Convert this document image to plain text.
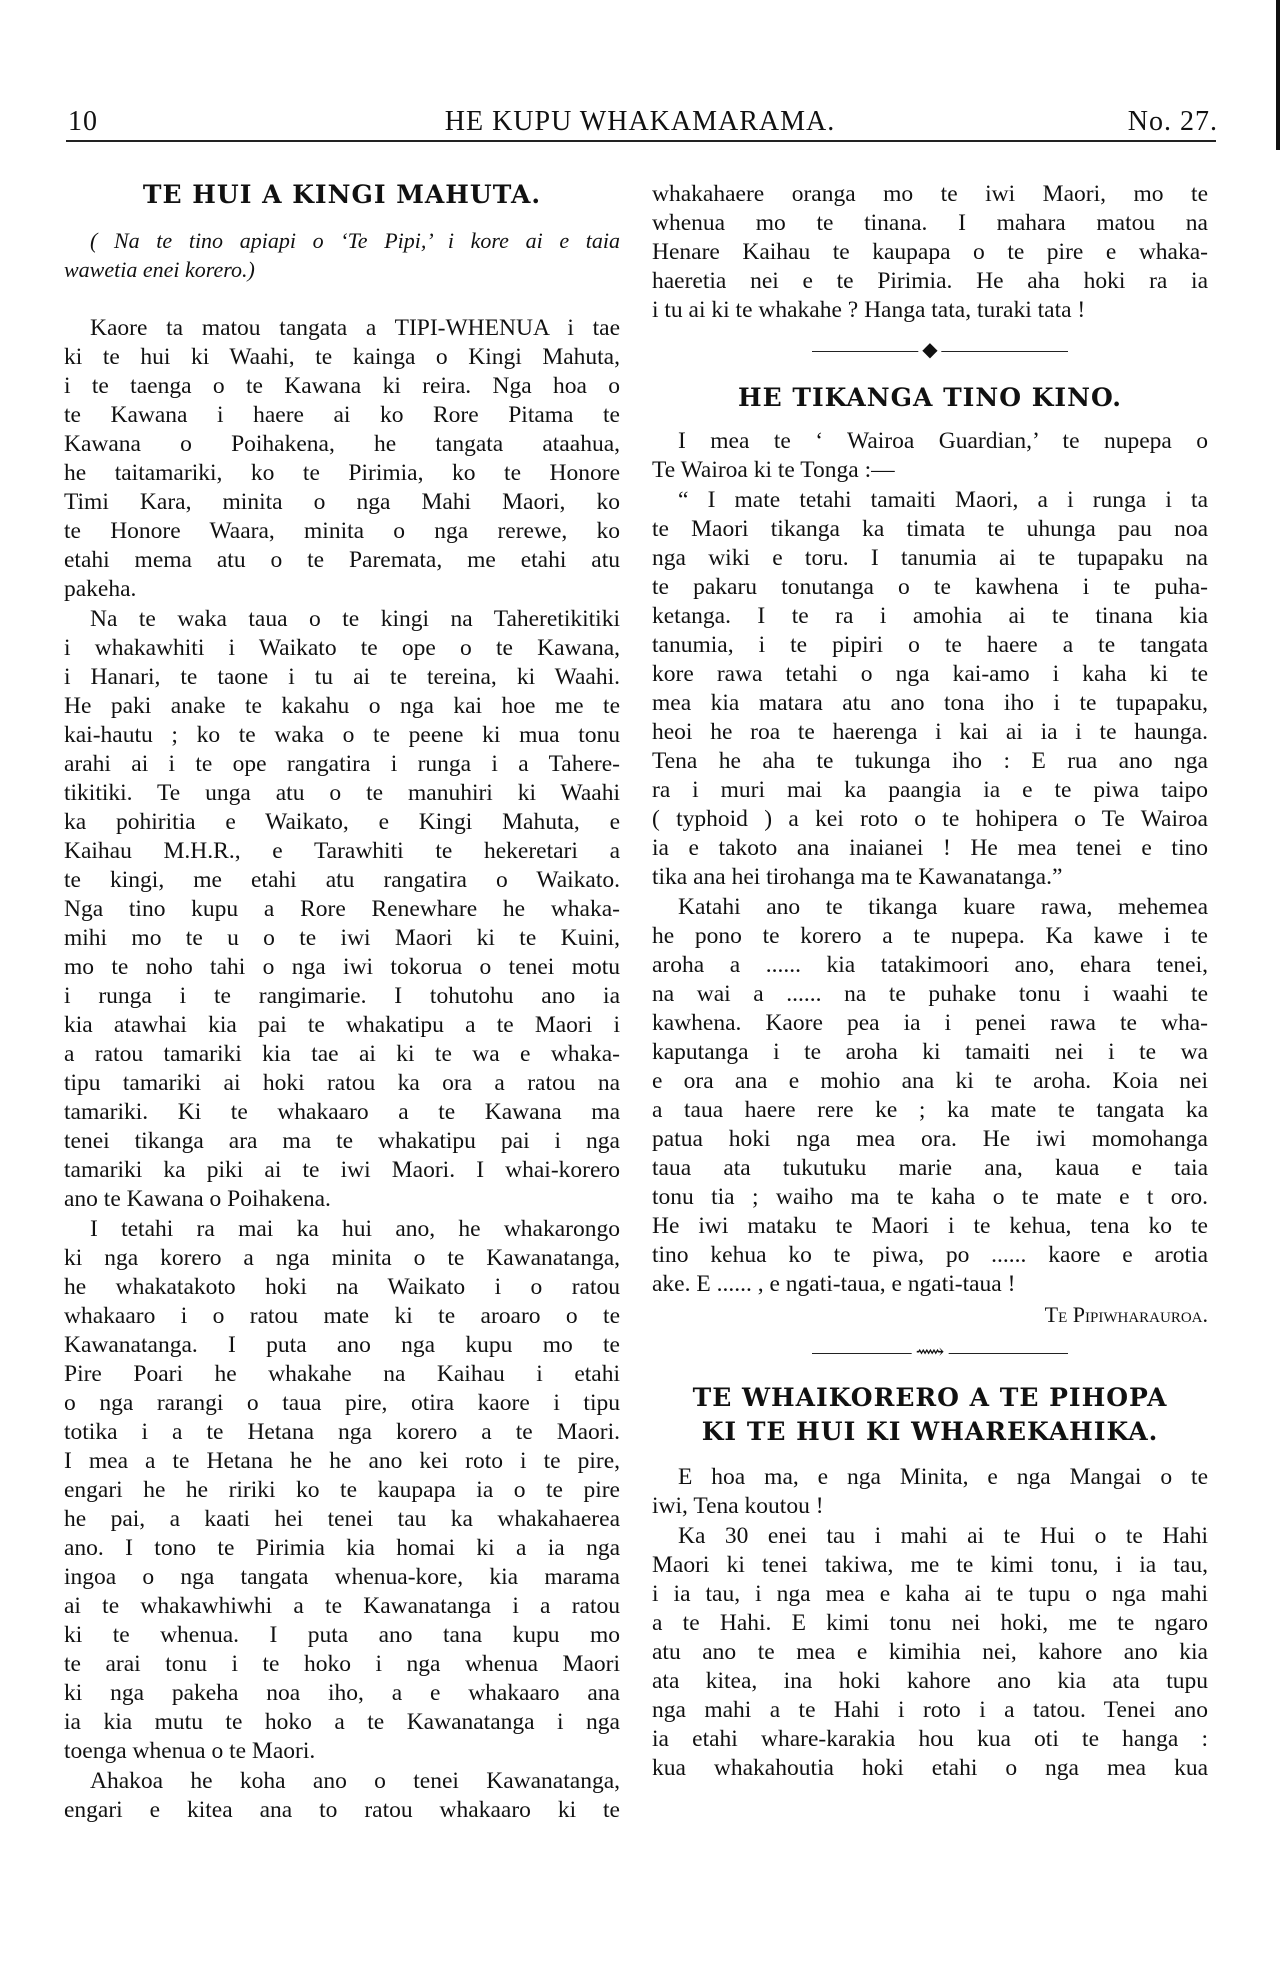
10	HE KUPU WHAKAMARAMA.	No. 27.
TE HUI A KINGI MAHUTA.
( Na te tino apiapi o ‘Te Pipi,’ i kore ai e taia
wawetia enei korero.)
Kaore ta matou tangata a TIPI-WHENUA i tae
ki te hui ki Waahi, te kainga o Kingi Mahuta,
i te taenga o te Kawana ki reira. Nga hoa o
te Kawana i haere ai ko Rore Pitama te
Kawana o Poihakena, he tangata ataahua,
he taitamariki, ko te Pirimia, ko te Honore
Timi Kara, minita o nga Mahi Maori, ko
te Honore Waara, minita o nga rerewe, ko
etahi mema atu o te Paremata, me etahi atu
pakeha.
Na te waka taua o te kingi na Taheretikitiki
i whakawhiti i Waikato te ope o te Kawana,
i Hanari, te taone i tu ai te tereina, ki Waahi.
He paki anake te kakahu o nga kai hoe me te
kai-hautu ; ko te waka o te peene ki mua tonu
arahi ai i te ope rangatira i runga i a Tahere-
tikitiki. Te unga atu o te manuhiri ki Waahi
ka pohiritia e Waikato, e Kingi Mahuta, e
Kaihau M.H.R., e Tarawhiti te hekeretari a
te kingi, me etahi atu rangatira o Waikato.
Nga tino kupu a Rore Renewhare he whaka-
mihi mo te u o te iwi Maori ki te Kuini,
mo te noho tahi o nga iwi tokorua o tenei motu
i runga i te rangimarie. I tohutohu ano ia
kia atawhai kia pai te whakatipu a te Maori i
a ratou tamariki kia tae ai ki te wa e whaka-
tipu tamariki ai hoki ratou ka ora a ratou na
tamariki. Ki te whakaaro a te Kawana ma
tenei tikanga ara ma te whakatipu pai i nga
tamariki ka piki ai te iwi Maori. I whai-korero
ano te Kawana o Poihakena.
I tetahi ra mai ka hui ano, he whakarongo
ki nga korero a nga minita o te Kawanatanga,
he whakatakoto hoki na Waikato i o ratou
whakaaro i o ratou mate ki te aroaro o te
Kawanatanga. I puta ano nga kupu mo te
Pire Poari he whakahe na Kaihau i etahi
o nga rarangi o taua pire, otira kaore i tipu
totika i a te Hetana nga korero a te Maori.
I mea a te Hetana he he ano kei roto i te pire,
engari he he ririki ko te kaupapa ia o te pire
he pai, a kaati hei tenei tau ka whakahaerea
ano. I tono te Pirimia kia homai ki a ia nga
ingoa o nga tangata whenua-kore, kia marama
ai te whakawhiwhi a te Kawanatanga i a ratou
ki te whenua. I puta ano tana kupu mo
te arai tonu i te hoko i nga whenua Maori
ki nga pakeha noa iho, a e whakaaro ana
ia kia mutu te hoko a te Kawanatanga i nga
toenga whenua o te Maori.
Ahakoa he koha ano o tenei Kawanatanga,
engari e kitea ana to ratou whakaaro ki te
whakahaere oranga mo te iwi Maori, mo te
whenua mo te tinana. I mahara matou na
Henare Kaihau te kaupapa o te pire e whaka-
haeretia nei e te Pirimia. He aha hoki ra ia
i tu ai ki te whakahe ? Hanga tata, turaki tata !
◆
HE TIKANGA TINO KINO.
I mea te ‘ Wairoa Guardian,’ te nupepa o
Te Wairoa ki te Tonga :—
“ I mate tetahi tamaiti Maori, a i runga i ta
te Maori tikanga ka timata te uhunga pau noa
nga wiki e toru. I tanumia ai te tupapaku na
te pakaru tonutanga o te kawhena i te puha-
ketanga. I te ra i amohia ai te tinana kia
tanumia, i te pipiri o te haere a te tangata
kore rawa tetahi o nga kai-amo i kaha ki te
mea kia matara atu ano tona iho i te tupapaku,
heoi he roa te haerenga i kai ai ia i te haunga.
Tena he aha te tukunga iho : E rua ano nga
ra i muri mai ka paangia ia e te piwa taipo
( typhoid ) a kei roto o te hohipera o Te Wairoa
ia e takoto ana inaianei ! He mea tenei e tino
tika ana hei tirohanga ma te Kawanatanga.”
Katahi ano te tikanga kuare rawa, mehemea
he pono te korero a te nupepa. Ka kawe i te
aroha a ...... kia tatakimoori ano, ehara tenei,
na wai a ...... na te puhake tonu i waahi te
kawhena. Kaore pea ia i penei rawa te wha-
kaputanga i te aroha ki tamaiti nei i te wa
e ora ana e mohio ana ki te aroha. Koia nei
a taua haere rere ke ; ka mate te tangata ka
patua hoki nga mea ora. He iwi momohanga
taua ata tukutuku marie ana, kaua e taia
tonu tia ; waiho ma te kaha o te mate e t oro.
He iwi mataku te Maori i te kehua, tena ko te
tino kehua ko te piwa, po ...... kaore e arotia
ake. E ...... , e ngati-taua, e ngati-taua !
Te Pipiwharauroa.
⟿
TE WHAIKORERO A TE PIHOPA
KI TE HUI KI WHAREKAHIKA.
E hoa ma, e nga Minita, e nga Mangai o te
iwi, Tena koutou !
Ka 30 enei tau i mahi ai te Hui o te Hahi
Maori ki tenei takiwa, me te kimi tonu, i ia tau,
i ia tau, i nga mea e kaha ai te tupu o nga mahi
a te Hahi. E kimi tonu nei hoki, me te ngaro
atu ano te mea e kimihia nei, kahore ano kia
ata kitea, ina hoki kahore ano kia ata tupu
nga mahi a te Hahi i roto i a tatou. Tenei ano
ia etahi whare-karakia hou kua oti te hanga :
kua whakahoutia hoki etahi o nga mea kua
